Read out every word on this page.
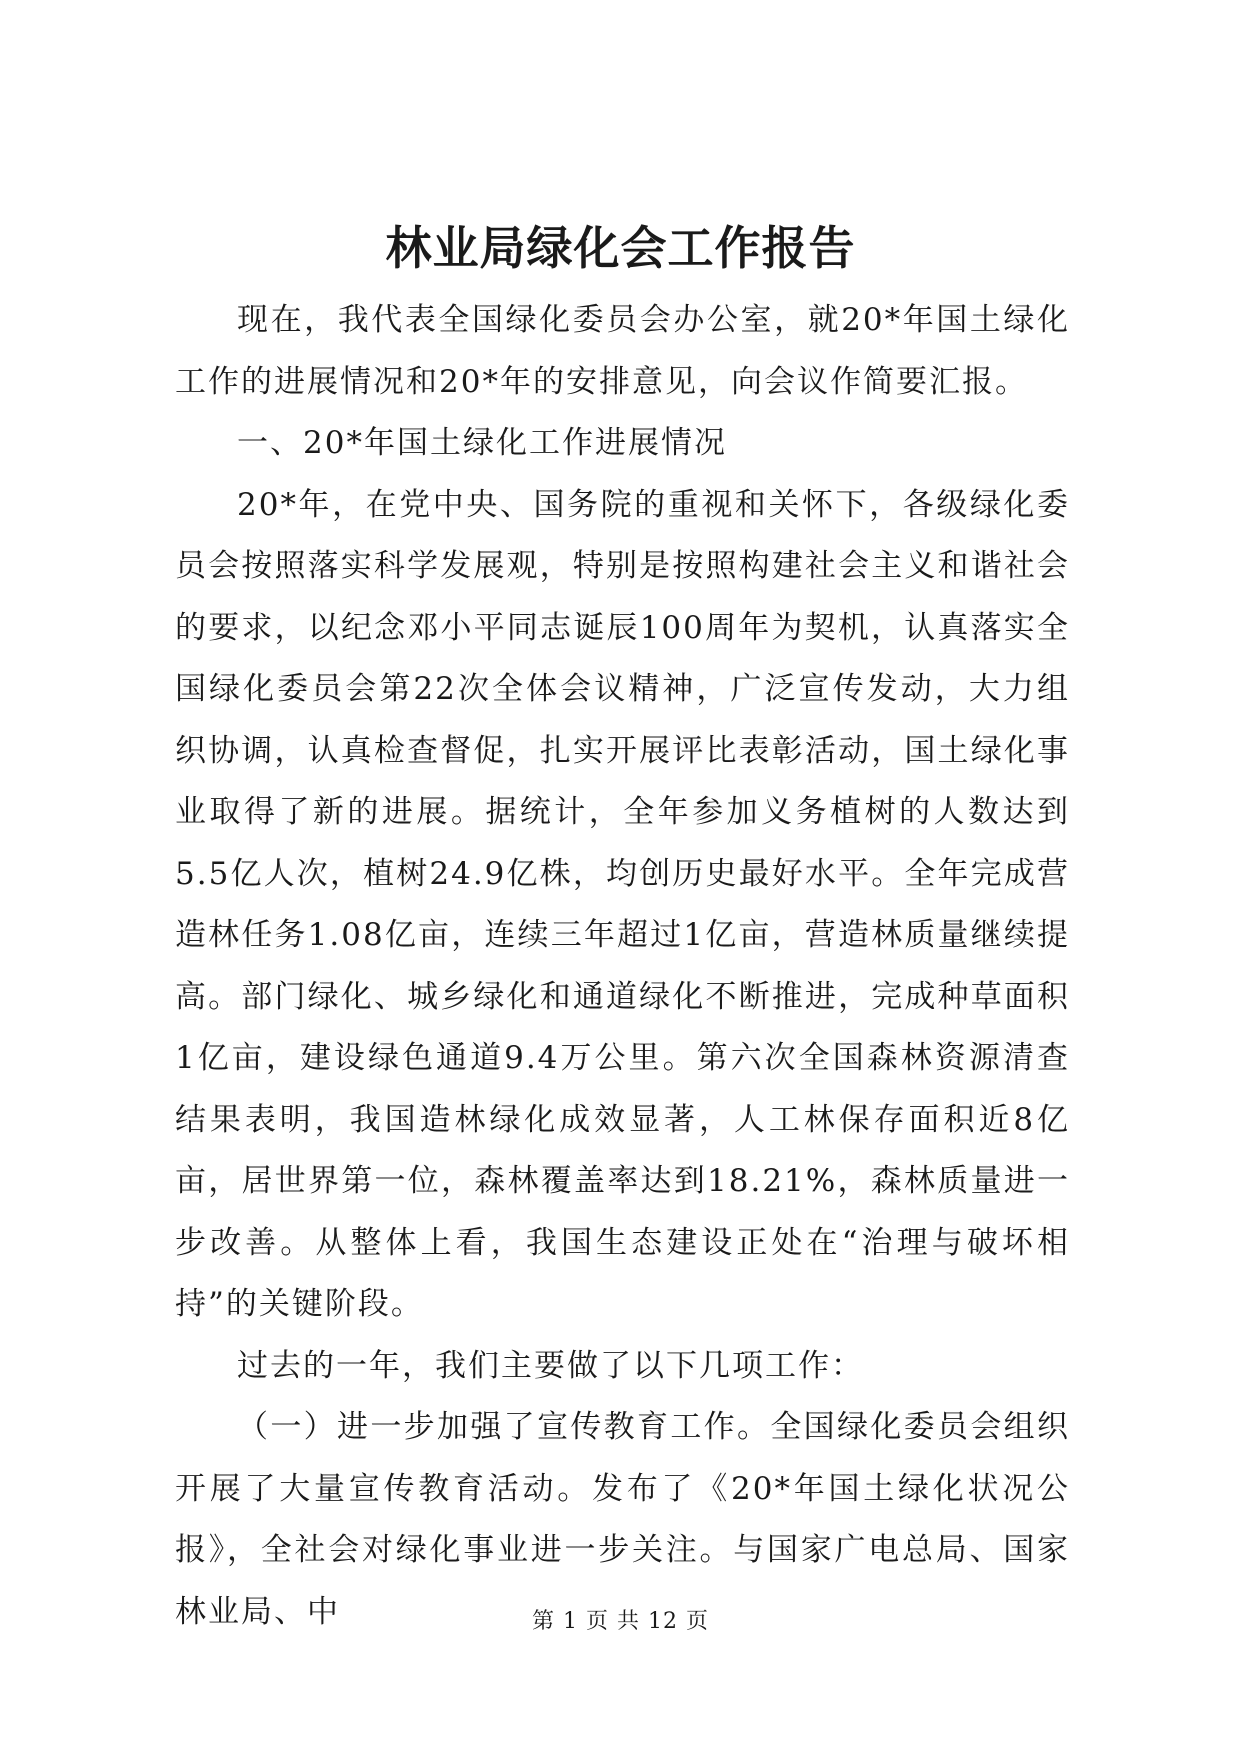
林业局绿化会工作报告

现在，我代表全国绿化委员会办公室，就20*年国土绿化工作的进展情况和20*年的安排意见，向会议作简要汇报。

一、20*年国土绿化工作进展情况

20*年，在党中央、国务院的重视和关怀下，各级绿化委员会按照落实科学发展观，特别是按照构建社会主义和谐社会的要求，以纪念邓小平同志诞辰100周年为契机，认真落实全国绿化委员会第22次全体会议精神，广泛宣传发动，大力组织协调，认真检查督促，扎实开展评比表彰活动，国土绿化事业取得了新的进展。据统计，全年参加义务植树的人数达到5.5亿人次，植树24.9亿株，均创历史最好水平。全年完成营造林任务1.08亿亩，连续三年超过1亿亩，营造林质量继续提高。部门绿化、城乡绿化和通道绿化不断推进，完成种草面积1亿亩，建设绿色通道9.4万公里。第六次全国森林资源清查结果表明，我国造林绿化成效显著，人工林保存面积近8亿亩，居世界第一位，森林覆盖率达到18.21%，森林质量进一步改善。从整体上看，我国生态建设正处在“治理与破坏相持”的关键阶段。

过去的一年，我们主要做了以下几项工作：

（一）进一步加强了宣传教育工作。全国绿化委员会组织开展了大量宣传教育活动。发布了《20*年国土绿化状况公报》，全社会对绿化事业进一步关注。与国家广电总局、国家林业局、中	第 1 页 共 12 页
